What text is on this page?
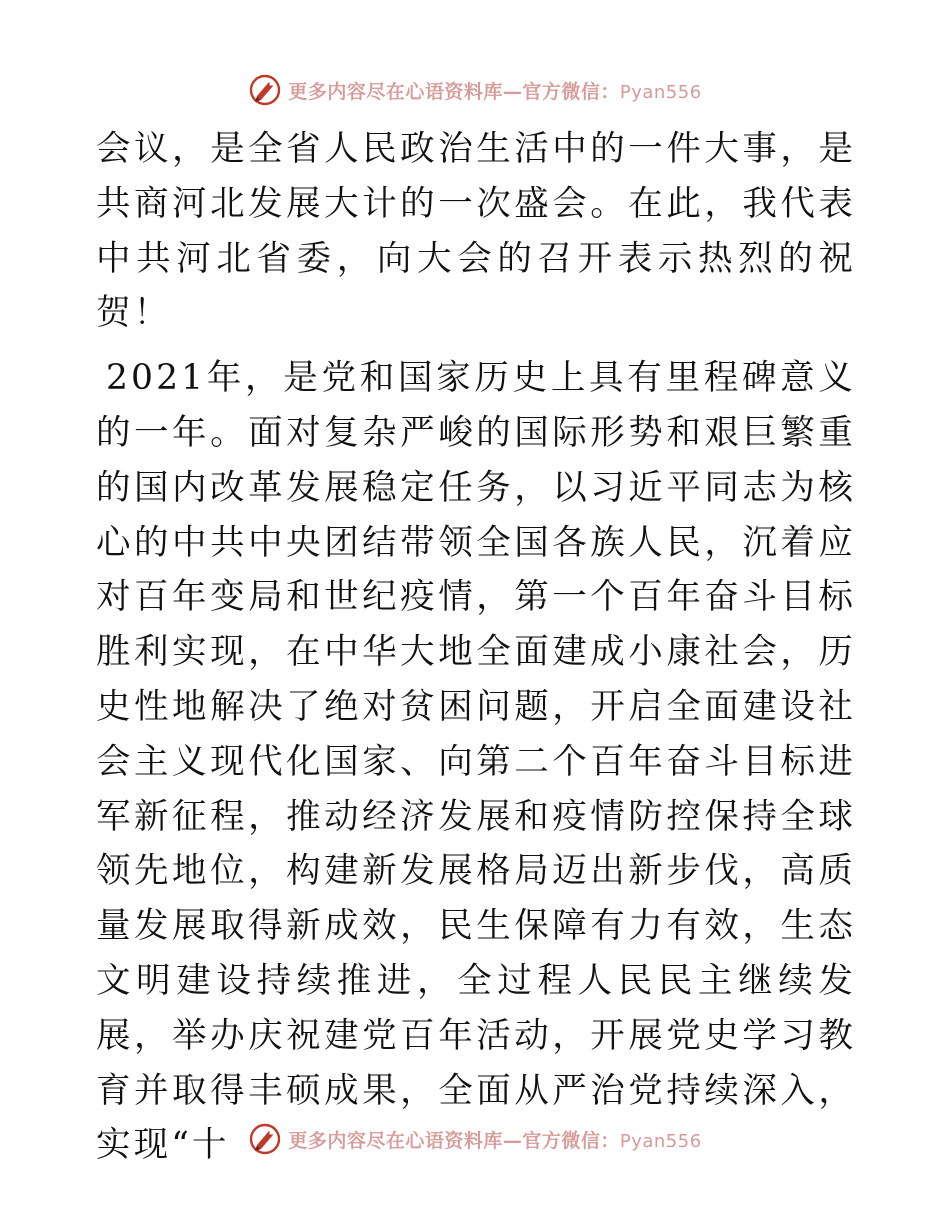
更多内容尽在心语资料库—官方微信：Pyan556

会议，是全省人民政治生活中的一件大事，是共商河北发展大计的一次盛会。在此，我代表中共河北省委，向大会的召开表示热烈的祝贺！

2021年，是党和国家历史上具有里程碑意义的一年。面对复杂严峻的国际形势和艰巨繁重的国内改革发展稳定任务，以习近平同志为核心的中共中央团结带领全国各族人民，沉着应对百年变局和世纪疫情，第一个百年奋斗目标胜利实现，在中华大地全面建成小康社会，历史性地解决了绝对贫困问题，开启全面建设社会主义现代化国家、向第二个百年奋斗目标进军新征程，推动经济发展和疫情防控保持全球领先地位，构建新发展格局迈出新步伐，高质量发展取得新成效，民生保障有力有效，生态文明建设持续推进，全过程人民民主继续发展，举办庆祝建党百年活动，开展党史学习教育并取得丰硕成果，全面从严治党持续深入，实现“十	更多内容尽在心语资料库—官方微信：Pyan556
